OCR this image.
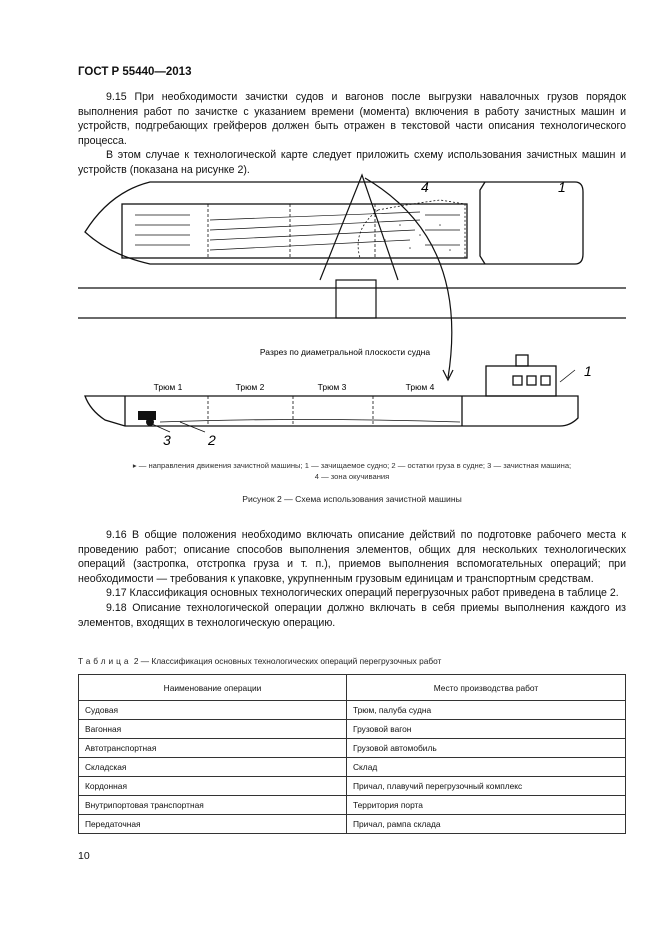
ГОСТ Р 55440—2013

9.15 При необходимости зачистки судов и вагонов после выгрузки навалочных грузов порядок выполнения работ по зачистке с указанием времени (момента) включения в работу зачистных машин и устройств, подгребающих грейферов должен быть отражен в текстовой части описания технологического процесса.

В этом случае к технологической карте следует приложить схему использования зачистных машин и устройств (показана на рисунке 2).

1
4
Разрез по диаметральной плоскости судна
Трюм 1	Трюм 2	Трюм 3	Трюм 4
1
2
3
▸ — направления движения зачистной машины; 1 — зачищаемое судно; 2 — остатки груза в судне; 3 — зачистная машина;
4 — зона окучивания
Рисунок 2 — Схема использования зачистной машины

9.16 В общие положения необходимо включать описание действий по подготовке рабочего места к проведению работ; описание способов выполнения элементов, общих для нескольких технологических операций (застропка, отстропка груза и т. п.), приемов выполнения вспомогательных операций; при необходимости — требования к упаковке, укрупненным грузовым единицам и транспортным средствам.

9.17 Классификация основных технологических операций перегрузочных работ приведена в таблице 2.

9.18 Описание технологической операции должно включать в себя приемы выполнения каждого из элементов, входящих в технологическую операцию.

Таблица 2 — Классификация основных технологических операций перегрузочных работ
Наименование операции	Место производства работ
Судовая	Трюм, палуба судна
Вагонная	Грузовой вагон
Автотранспортная	Грузовой автомобиль
Складская	Склад
Кордонная	Причал, плавучий перегрузочный комплекс
Внутрипортовая транспортная	Территория порта
Передаточная	Причал, рампа склада
10
